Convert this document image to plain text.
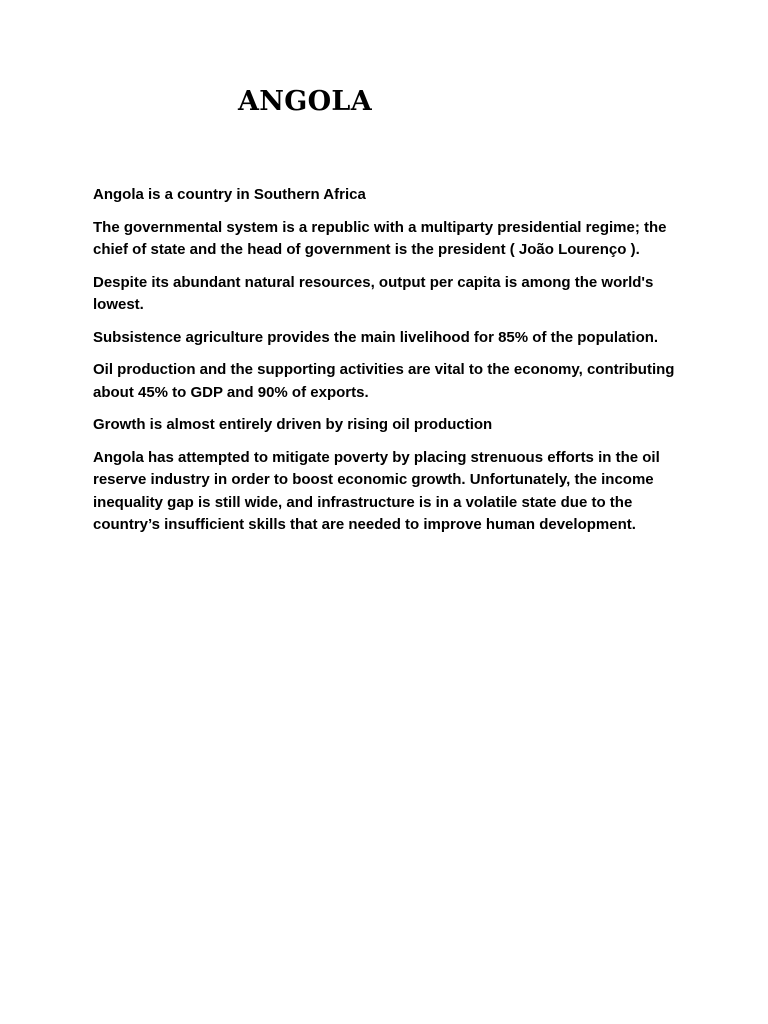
ANGOLA

Angola is a country in Southern Africa

The governmental system is a republic with a multiparty presidential regime; the chief of state and the head of government is the president ( João Lourenço ).

Despite its abundant natural resources, output per capita is among the world's lowest.

Subsistence agriculture provides the main livelihood for 85% of the population.

Oil production and the supporting activities are vital to the economy, contributing about 45% to GDP and 90% of exports.

Growth is almost entirely driven by rising oil production

Angola has attempted to mitigate poverty by placing strenuous efforts in the oil reserve industry in order to boost economic growth. Unfortunately, the income inequality gap is still wide, and infrastructure is in a volatile state due to the country’s insufficient skills that are needed to improve human development.
